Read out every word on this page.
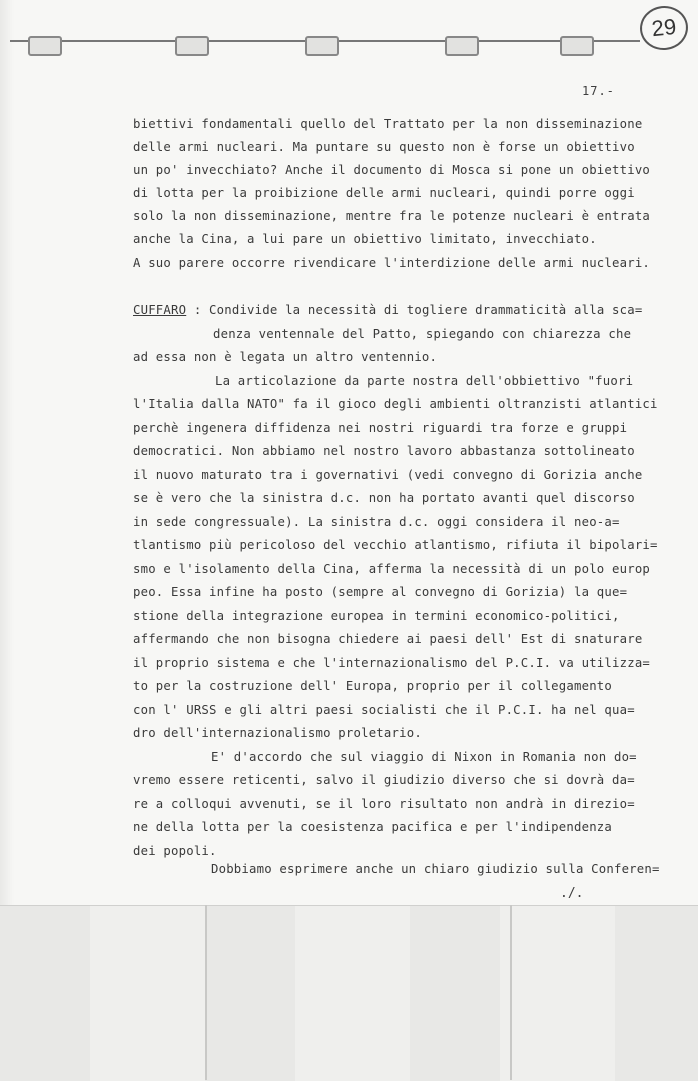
29
17.-
biettivi fondamentali quello del Trattato per la non disseminazione
delle armi nucleari. Ma puntare su questo non è forse un obiettivo
un po' invecchiato? Anche il documento di Mosca si pone un obiettivo
di lotta per la proibizione delle armi nucleari, quindi porre oggi
solo la non disseminazione, mentre fra le potenze nucleari è entrata
anche la Cina, a lui pare un obiettivo limitato, invecchiato.
A suo parere occorre rivendicare l'interdizione delle armi nucleari.
CUFFARO : Condivide la necessità di togliere drammaticità alla sca=
denza ventennale del Patto, spiegando con chiarezza che
ad essa non è legata un altro ventennio.
La articolazione da parte nostra dell'obbiettivo "fuori
l'Italia dalla NATO" fa il gioco degli ambienti oltranzisti atlantici
perchè ingenera diffidenza nei nostri riguardi tra forze e gruppi
democratici. Non abbiamo nel nostro lavoro abbastanza sottolineato
il nuovo maturato tra i governativi (vedi convegno di Gorizia anche
se è vero che la sinistra d.c. non ha portato avanti quel discorso
in sede congressuale). La sinistra d.c. oggi considera il neo-a=
tlantismo più pericoloso del vecchio atlantismo, rifiuta il bipolari=
smo e l'isolamento della Cina, afferma la necessità di un polo europ
peo. Essa infine ha posto (sempre al convegno di Gorizia) la que=
stione della integrazione europea in termini economico-politici,
affermando che non bisogna chiedere ai paesi dell' Est di snaturare
il proprio sistema e che l'internazionalismo del P.C.I. va utilizza=
to per la costruzione dell' Europa, proprio per il collegamento
con l' URSS e gli altri paesi socialisti che il P.C.I. ha nel qua=
dro dell'internazionalismo proletario.
E' d'accordo che sul viaggio di Nixon in Romania non do=
vremo essere reticenti, salvo il giudizio diverso che si dovrà da=
re a colloqui avvenuti, se il loro risultato non andrà in direzio=
ne della lotta per la coesistenza pacifica e per l'indipendenza
dei popoli.
Dobbiamo esprimere anche un chiaro giudizio sulla Conferen=
./.
